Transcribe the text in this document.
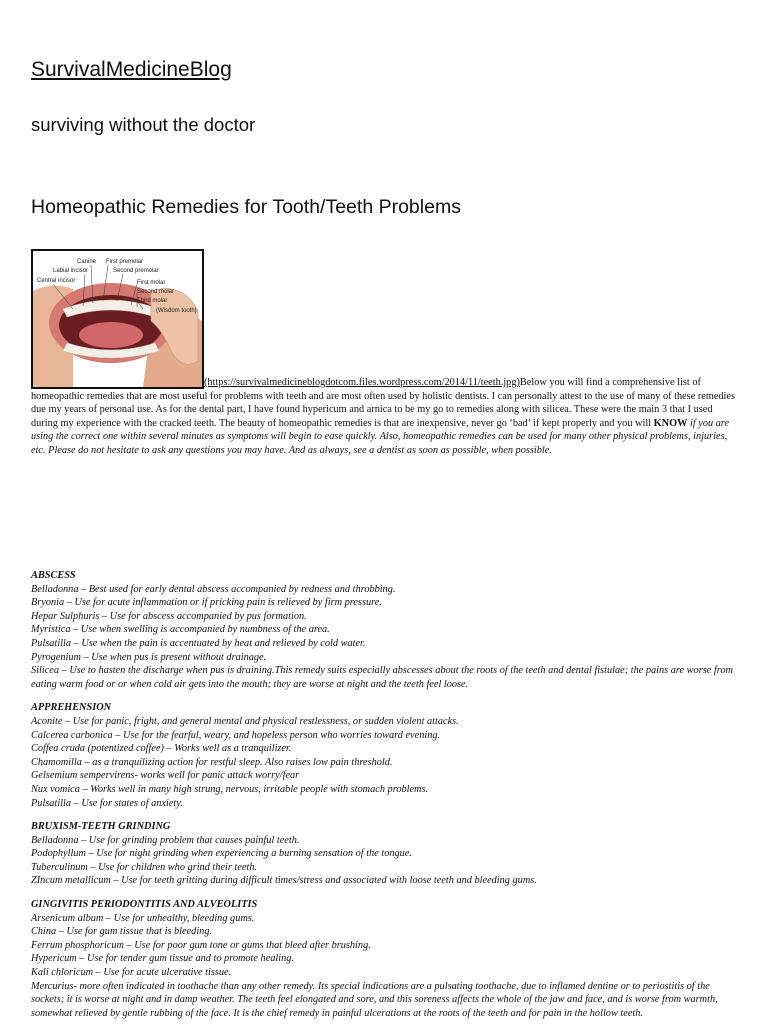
SurvivalMedicineBlog
surviving without the doctor
Homeopathic Remedies for Tooth/Teeth Problems
Canine First premolar
Labial incisor	Second premolar
Central incisor	First molar
Second molar
Third molar
(Wisdom tooth)
(https://survivalmedicineblogdotcom.files.wordpress.com/2014/11/teeth.jpg)Below you will find a comprehensive list of homeopathic remedies that are most useful for problems with teeth and are most often used by holistic dentists. I can personally attest to the use of many of these remedies due my years of personal use. As for the dental part, I have found hypericum and arnica to be my go to remedies along with silicea. These were the main 3 that I used during my experience with the cracked teeth. The beauty of homeopathic remedies is that are inexpensive, never go ‘bad’ if kept properly and you will KNOW if you are using the correct one within several minutes as symptoms will begin to ease quickly. Also, homeopathic remedies can be used for many other physical problems, injuries, etc. Please do not hesitate to ask any questions you may have. And as always, see a dentist as soon as possible, when possible.
ABSCESS
Belladonna – Best used for early dental abscess accompanied by redness and throbbing.
Bryonia – Use for acute inflammation or if pricking pain is relieved by firm pressure.
Hepar Sulphuris – Use for abscess accompanied by pus formation.
Myristica – Use when swelling is accompanied by numbness of the area.
Pulsatilla – Use when the pain is accentuated by heat and relieved by cold water.
Pyrogenium – Use when pus is present without drainage.
Silicea – Use to hasten the discharge when pus is draining.This remedy suits especially abscesses about the roots of the teeth and dental fistulae; the pains are worse from eating warm food or or when cold air gets into the mouth; they are worse at night and the teeth feel loose.
APPREHENSION
Aconite – Use for panic, fright, and general mental and physical restlessness, or sudden violent attacks.
Calcerea carbonica – Use for the fearful, weary, and hopeless person who worries toward evening.
Coffea cruda (potentized coffee) – Works well as a tranquilizer.
Chamomilla – as a tranquilizing action for restful sleep. Also raises low pain threshold.
Gelsemium sempervirens- works well for panic attack worry/fear
Nux vomica – Works well in many high strung, nervous, irritable people with stomach problems.
Pulsatilla – Use for states of anxiety.
BRUXISM-TEETH GRINDING
Belladonna – Use for grinding problem that causes painful teeth.
Podophyllum – Use for night grinding when experiencing a burning sensation of the tongue.
Tuberculinum – Use for children who grind their teeth.
ZIncum metallicum – Use for teeth gritting during difficult times/stress and associated with loose teeth and bleeding gums.
GINGIVITIS PERIODONTITIS AND ALVEOLITIS
Arsenicum album – Use for unhealthy, bleeding gums.
China – Use for gum tissue that is bleeding.
Ferrum phosphoricum – Use for poor gum tone or gums that bleed after brushing.
Hypericum – Use for tender gum tissue and to promote healing.
Kali chloricum – Use for acute ulcerative tissue.
Mercurius- more often indicated in toothache than any other remedy. Its special indications are a pulsating toothache, due to inflamed dentine or to periostitis of the sockets; it is worse at night and in damp weather. The teeth feel elongated and sore, and this soreness affects the whole of the jaw and face, and is worse from warmth, somewhat relieved by gentle rubbing of the face. It is the chief remedy in painful ulcerations at the roots of the teeth and for pain in the hollow teeth.
